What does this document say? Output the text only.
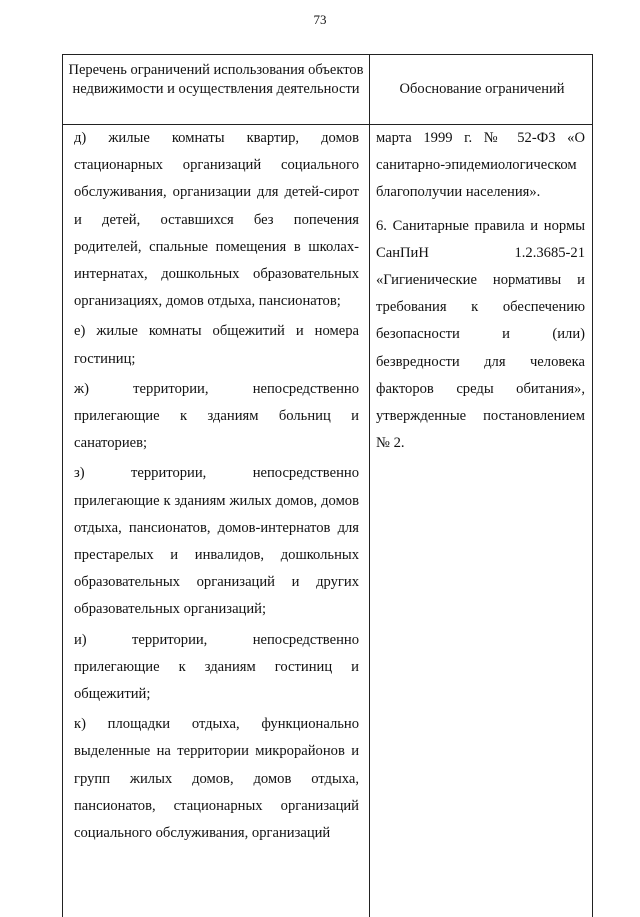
73
Перечень ограничений использования объектов недвижимости и осуществления деятельности	Обоснование ограничений

д) жилые комнаты квартир, домов стационарных организаций социального обслуживания, организации для детей-сирот и детей, оставшихся без попечения родителей, спальные помещения в школах-интернатах, дошкольных образовательных организациях, домов отдыха, пансионатов;

е) жилые комнаты общежитий и номера гостиниц;

ж) территории, непосредственно прилегающие к зданиям больниц и санаториев;

з) территории, непосредственно прилегающие к зданиям жилых домов, домов отдыха, пансионатов, домов-интернатов для престарелых и инвалидов, дошкольных образовательных организаций и других образовательных организаций;

и) территории, непосредственно прилегающие к зданиям гостиниц и общежитий;

к) площадки отдыха, функционально выделенные на территории микрорайонов и групп жилых домов, домов отдыха, пансионатов, стационарных организаций социального обслуживания, организаций

марта 1999 г. № 52-ФЗ «О санитарно-эпидемиологическом благополучии населения».

6. Санитарные правила и нормы СанПиН 1.2.3685-21 «Гигиенические нормативы и требования к обеспечению безопасности и (или) безвредности для человека факторов среды обитания», утвержденные постановлением № 2.
